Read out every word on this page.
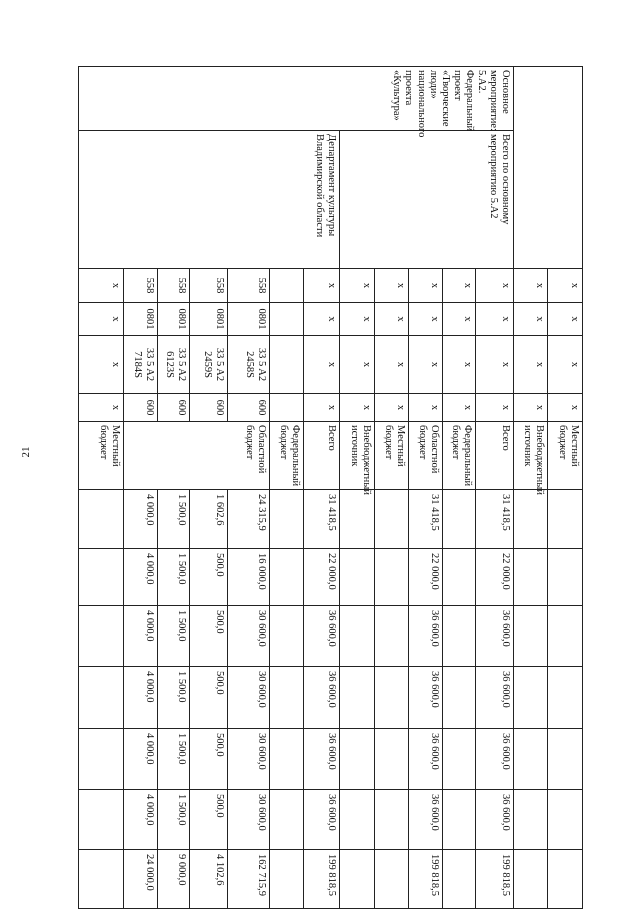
21
		x	x	x	x	Местный бюджет							
		x	x	x	x	Внебюджетный источник							
Основное мероприятие: 5.А2. Федеральный проект «Творческие люди» национального проекта «Культура»	Всего по основному мероприятию 5.А2	x	x	x	x	Всего	31 418,5	22 000,0	36 600,0	36 600,0	36 600,0	36 600,0	199 818,5
		x	x	x	x	Федеральный бюджет							
		x	x	x	x	Областной бюджет	31 418,5	22 000,0	36 600,0	36 600,0	36 600,0	36 600,0	199 818,5
		x	x	x	x	Местный бюджет							
		x	x	x	x	Внебюджетный источник							
	Департамент культуры Владимирской области	x	x	x	x	Всего	31 418,5	22 000,0	36 600,0	36 600,0	36 600,0	36 600,0	199 818,5
						Федеральный бюджет							
		558	0801	33 5 A2 2458S	600	Областной бюджет	24 315,9	16 000,0	30 600,0	30 600,0	30 600,0	30 600,0	162 715,9
		558	0801	33 5 A2 2459S	600		1 602,6	500,0	500,0	500,0	500,0	500,0	4 102,6
		558	0801	33 5 A2 6123S	600		1 500,0	1 500,0	1 500,0	1 500,0	1 500,0	1 500,0	9 000,0
		558	0801	33 5 A2 7184S	600		4 000,0	4 000,0	4 000,0	4 000,0	4 000,0	4 000,0	24 000,0
		x	x	x	x	Местный бюджет							
